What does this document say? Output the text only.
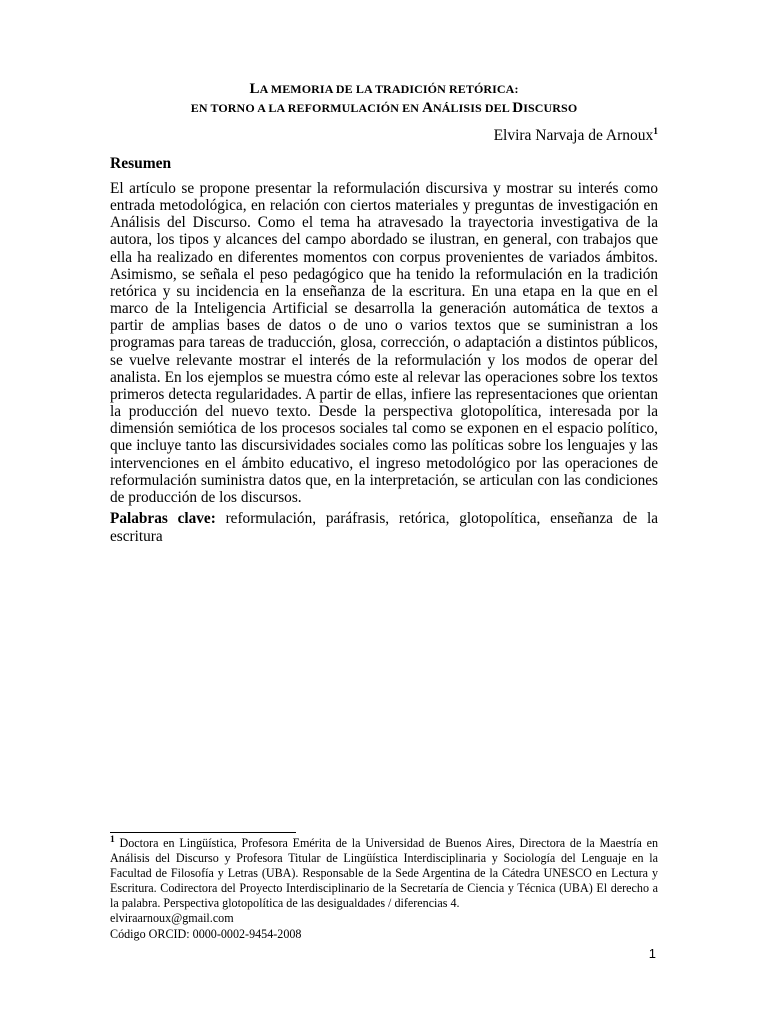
LA MEMORIA DE LA TRADICIÓN RETÓRICA:
EN TORNO A LA REFORMULACIÓN EN ANÁLISIS DEL DISCURSO
Elvira Narvaja de Arnoux$^1$
Resumen

El artículo se propone presentar la reformulación discursiva y mostrar su interés como entrada metodológica, en relación con ciertos materiales y preguntas de investigación en Análisis del Discurso. Como el tema ha atravesado la trayectoria investigativa de la autora, los tipos y alcances del campo abordado se ilustran, en general, con trabajos que ella ha realizado en diferentes momentos con corpus provenientes de variados ámbitos. Asimismo, se señala el peso pedagógico que ha tenido la reformulación en la tradición retórica y su incidencia en la enseñanza de la escritura. En una etapa en la que en el marco de la Inteligencia Artificial se desarrolla la generación automática de textos a partir de amplias bases de datos o de uno o varios textos que se suministran a los programas para tareas de traducción, glosa, corrección, o adaptación a distintos públicos, se vuelve relevante mostrar el interés de la reformulación y los modos de operar del analista. En los ejemplos se muestra cómo este al relevar las operaciones sobre los textos primeros detecta regularidades. A partir de ellas, infiere las representaciones que orientan la producción del nuevo texto. Desde la perspectiva glotopolítica, interesada por la dimensión semiótica de los procesos sociales tal como se exponen en el espacio político, que incluye tanto las discursividades sociales como las políticas sobre los lenguajes y las intervenciones en el ámbito educativo, el ingreso metodológico por las operaciones de reformulación suministra datos que, en la interpretación, se articulan con las condiciones de producción de los discursos.

Palabras clave: reformulación, paráfrasis, retórica, glotopolítica, enseñanza de la escritura

$^1$ Doctora en Lingüística, Profesora Emérita de la Universidad de Buenos Aires, Directora de la Maestría en Análisis del Discurso y Profesora Titular de Lingüística Interdisciplinaria y Sociología del Lenguaje en la Facultad de Filosofía y Letras (UBA). Responsable de la Sede Argentina de la Cátedra UNESCO en Lectura y Escritura. Codirectora del Proyecto Interdisciplinario de la Secretaría de Ciencia y Técnica (UBA) El derecho a la palabra. Perspectiva glotopolítica de las desigualdades / diferencias 4.
elviraarnoux@gmail.com
Código ORCID: 0000-0002-9454-2008
1
